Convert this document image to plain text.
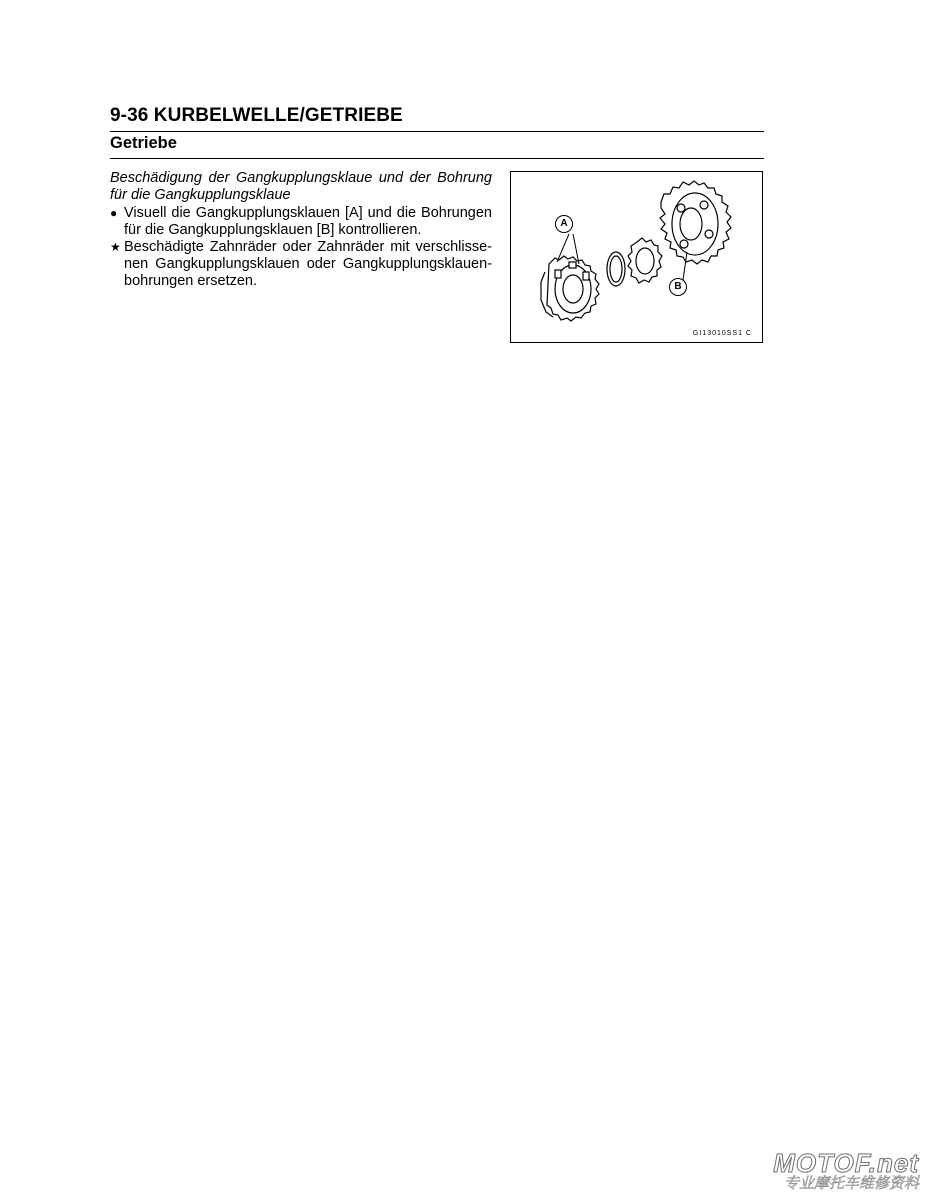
9-36 KURBELWELLE/GETRIEBE
Getriebe

Beschädigung der Gangkupplungsklaue und der Bohrung für die Gangkupplungsklaue

● Visuell die Gangkupplungsklauen [A] und die Bohrungen für die Gangkupplungsklauen [B] kontrollieren.

★ Beschädigte Zahnräder oder Zahnräder mit verschlisse-nen Gangkupplungsklauen oder Gangkupplungsklauen-bohrungen ersetzen.

A
B
GI13010SS1 C
MOTOF.net
专业摩托车维修资料
